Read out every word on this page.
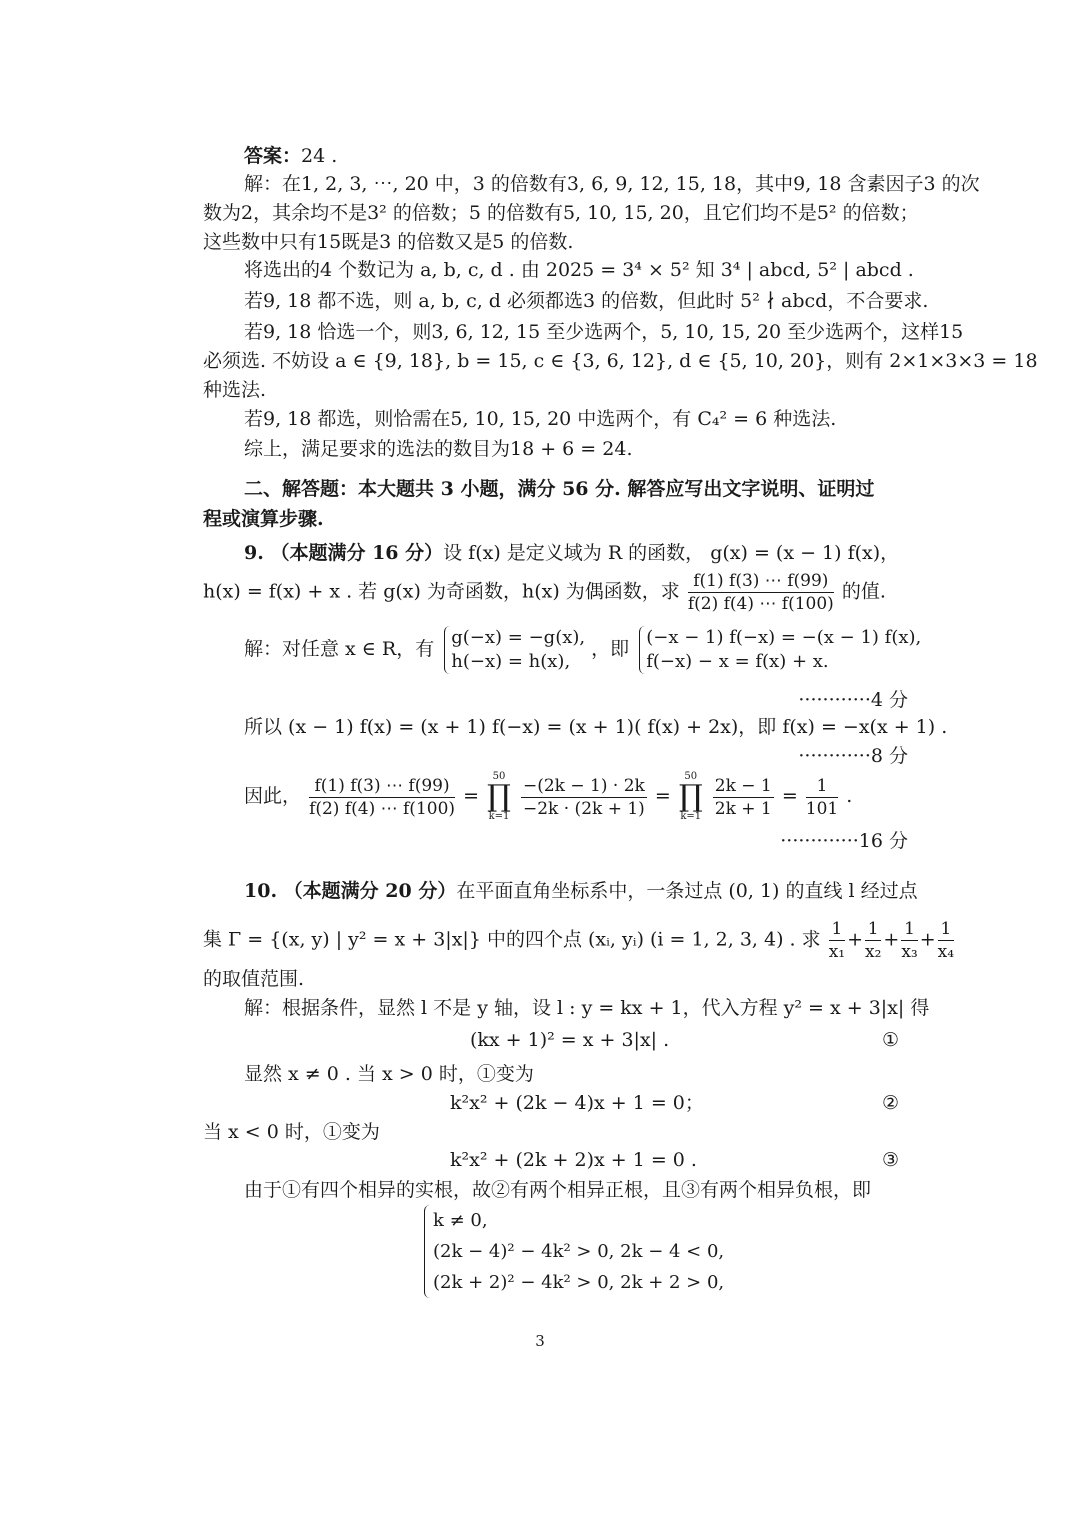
答案：24 .
解：在1, 2, 3, ⋯, 20 中，3 的倍数有3, 6, 9, 12, 15, 18，其中9, 18 含素因子3 的次
数为2，其余均不是3² 的倍数；5 的倍数有5, 10, 15, 20，且它们均不是5² 的倍数；
这些数中只有15既是3 的倍数又是5 的倍数.
将选出的4 个数记为 a, b, c, d . 由 2025 = 3⁴ × 5² 知 3⁴ | abcd, 5² | abcd .
若9, 18 都不选，则 a, b, c, d 必须都选3 的倍数，但此时 5² ∤ abcd，不合要求.
若9, 18 恰选一个，则3, 6, 12, 15 至少选两个，5, 10, 15, 20 至少选两个，这样15
必须选. 不妨设 a ∈ {9, 18}, b = 15, c ∈ {3, 6, 12}, d ∈ {5, 10, 20}，则有 2×1×3×3 = 18
种选法.
若9, 18 都选，则恰需在5, 10, 15, 20 中选两个，有 C₄² = 6 种选法.
综上，满足要求的选法的数目为18 + 6 = 24.
二、解答题：本大题共 3 小题，满分 56 分. 解答应写出文字说明、证明过
程或演算步骤.
9. （本题满分 16 分）设 f(x) 是定义域为 R 的函数， g(x) = (x − 1) f(x)，
h(x) = f(x) + x . 若 g(x) 为奇函数，h(x) 为偶函数，求 $\frac{f(1) f(3) \cdots f(99)}{f(2) f(4) \cdots f(100)}$ 的值.
解：对任意 x ∈ R，有
g(−x) = −g(x),
h(−x) = h(x),
，即
(−x − 1) f(−x) = −(x − 1) f(x),
f(−x) − x = f(x) + x.
············4 分
所以 (x − 1) f(x) = (x + 1) f(−x) = (x + 1)( f(x) + 2x)，即 f(x) = −x(x + 1) .
············8 分
因此， $\frac{f(1) f(3) \cdots f(99)}{f(2) f(4) \cdots f(100)}$ =
50
∏
k=1
$\frac{-(2k - 1) \cdot 2k}{-2k \cdot (2k + 1)}$ =
50
∏
k=1
$\frac{2k - 1}{2k + 1} = \frac{1}{101}$ .
·············16 分
10. （本题满分 20 分）在平面直角坐标系中，一条过点 (0, 1) 的直线 l 经过点
集 Γ = {(x, y) | y² = x + 3|x|} 中的四个点 (xᵢ, yᵢ) (i = 1, 2, 3, 4) . 求 $\frac{1}{\text{x₁}} + \frac{1}{\text{x₂}} + \frac{1}{\text{x₃}} + \frac{1}{\text{x₄}}$
的取值范围.
解：根据条件，显然 l 不是 y 轴，设 l : y = kx + 1，代入方程 y² = x + 3|x| 得
(kx + 1)² = x + 3|x| .	①
显然 x ≠ 0 . 当 x > 0 时，①变为
k²x² + (2k − 4)x + 1 = 0；	②
当 x < 0 时，①变为
k²x² + (2k + 2)x + 1 = 0 .	③
由于①有四个相异的实根，故②有两个相异正根，且③有两个相异负根，即
k ≠ 0,
(2k − 4)² − 4k² > 0, 2k − 4 < 0,
(2k + 2)² − 4k² > 0, 2k + 2 > 0,
3
